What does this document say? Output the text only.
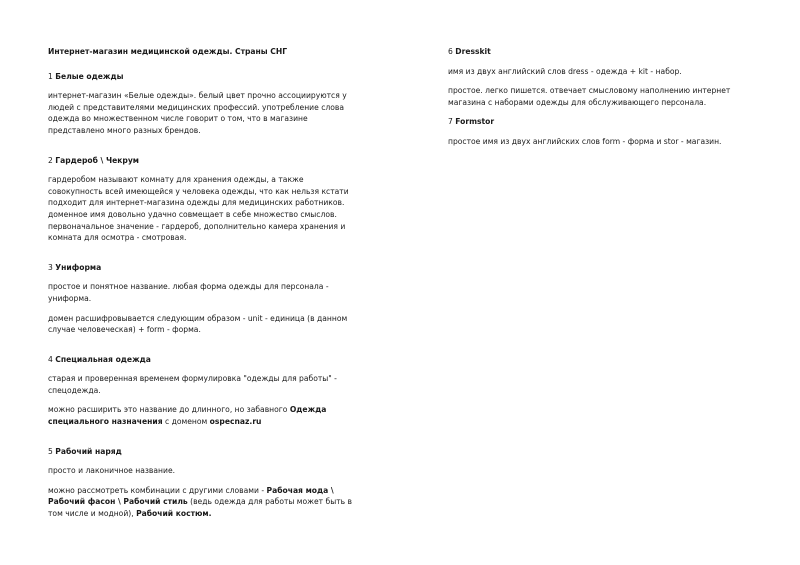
Интернет-магазин медицинской одежды. Страны СНГ
1 Белые одежды
интернет-магазин «Белые одежды». белый цвет прочно ассоциируются у людей с представителями медицинских профессий. употребление слова одежда во множественном числе говорит о том, что в магазине представлено много разных брендов.
2 Гардероб \ Чекрум
гардеробом называют комнату для хранения одежды, а также совокупность всей имеющейся у человека одежды, что как нельзя кстати подходит для интернет-магазина одежды для медицинских работников. доменное имя довольно удачно совмещает в себе множество смыслов. первоначальное значение - гардероб, дополнительно камера хранения и комната для осмотра - смотровая.
3 Униформа
простое и понятное название. любая форма одежды для персонала - униформа.
домен расшифровывается следующим образом - unit - единица (в данном случае человеческая) + form - форма.
4 Специальная одежда
старая и проверенная временем формулировка "одежды для работы" - спецодежда.
можно расширить это название до длинного, но забавного Одежда специального назначения с доменом ospecnaz.ru
5 Рабочий наряд
просто и лаконичное название.
можно рассмотреть комбинации с другими словами - Рабочая мода \ Рабочий фасон \ Рабочий стиль (ведь одежда для работы может быть в том числе и модной), Рабочий костюм.
6 Dresskit
имя из двух английский слов dress - одежда + kit - набор.
простое. легко пишется. отвечает смысловому наполнению интернет магазина с наборами одежды для обслуживающего персонала.
7 Formstor
простое имя из двух английских слов form - форма и stor - магазин.
